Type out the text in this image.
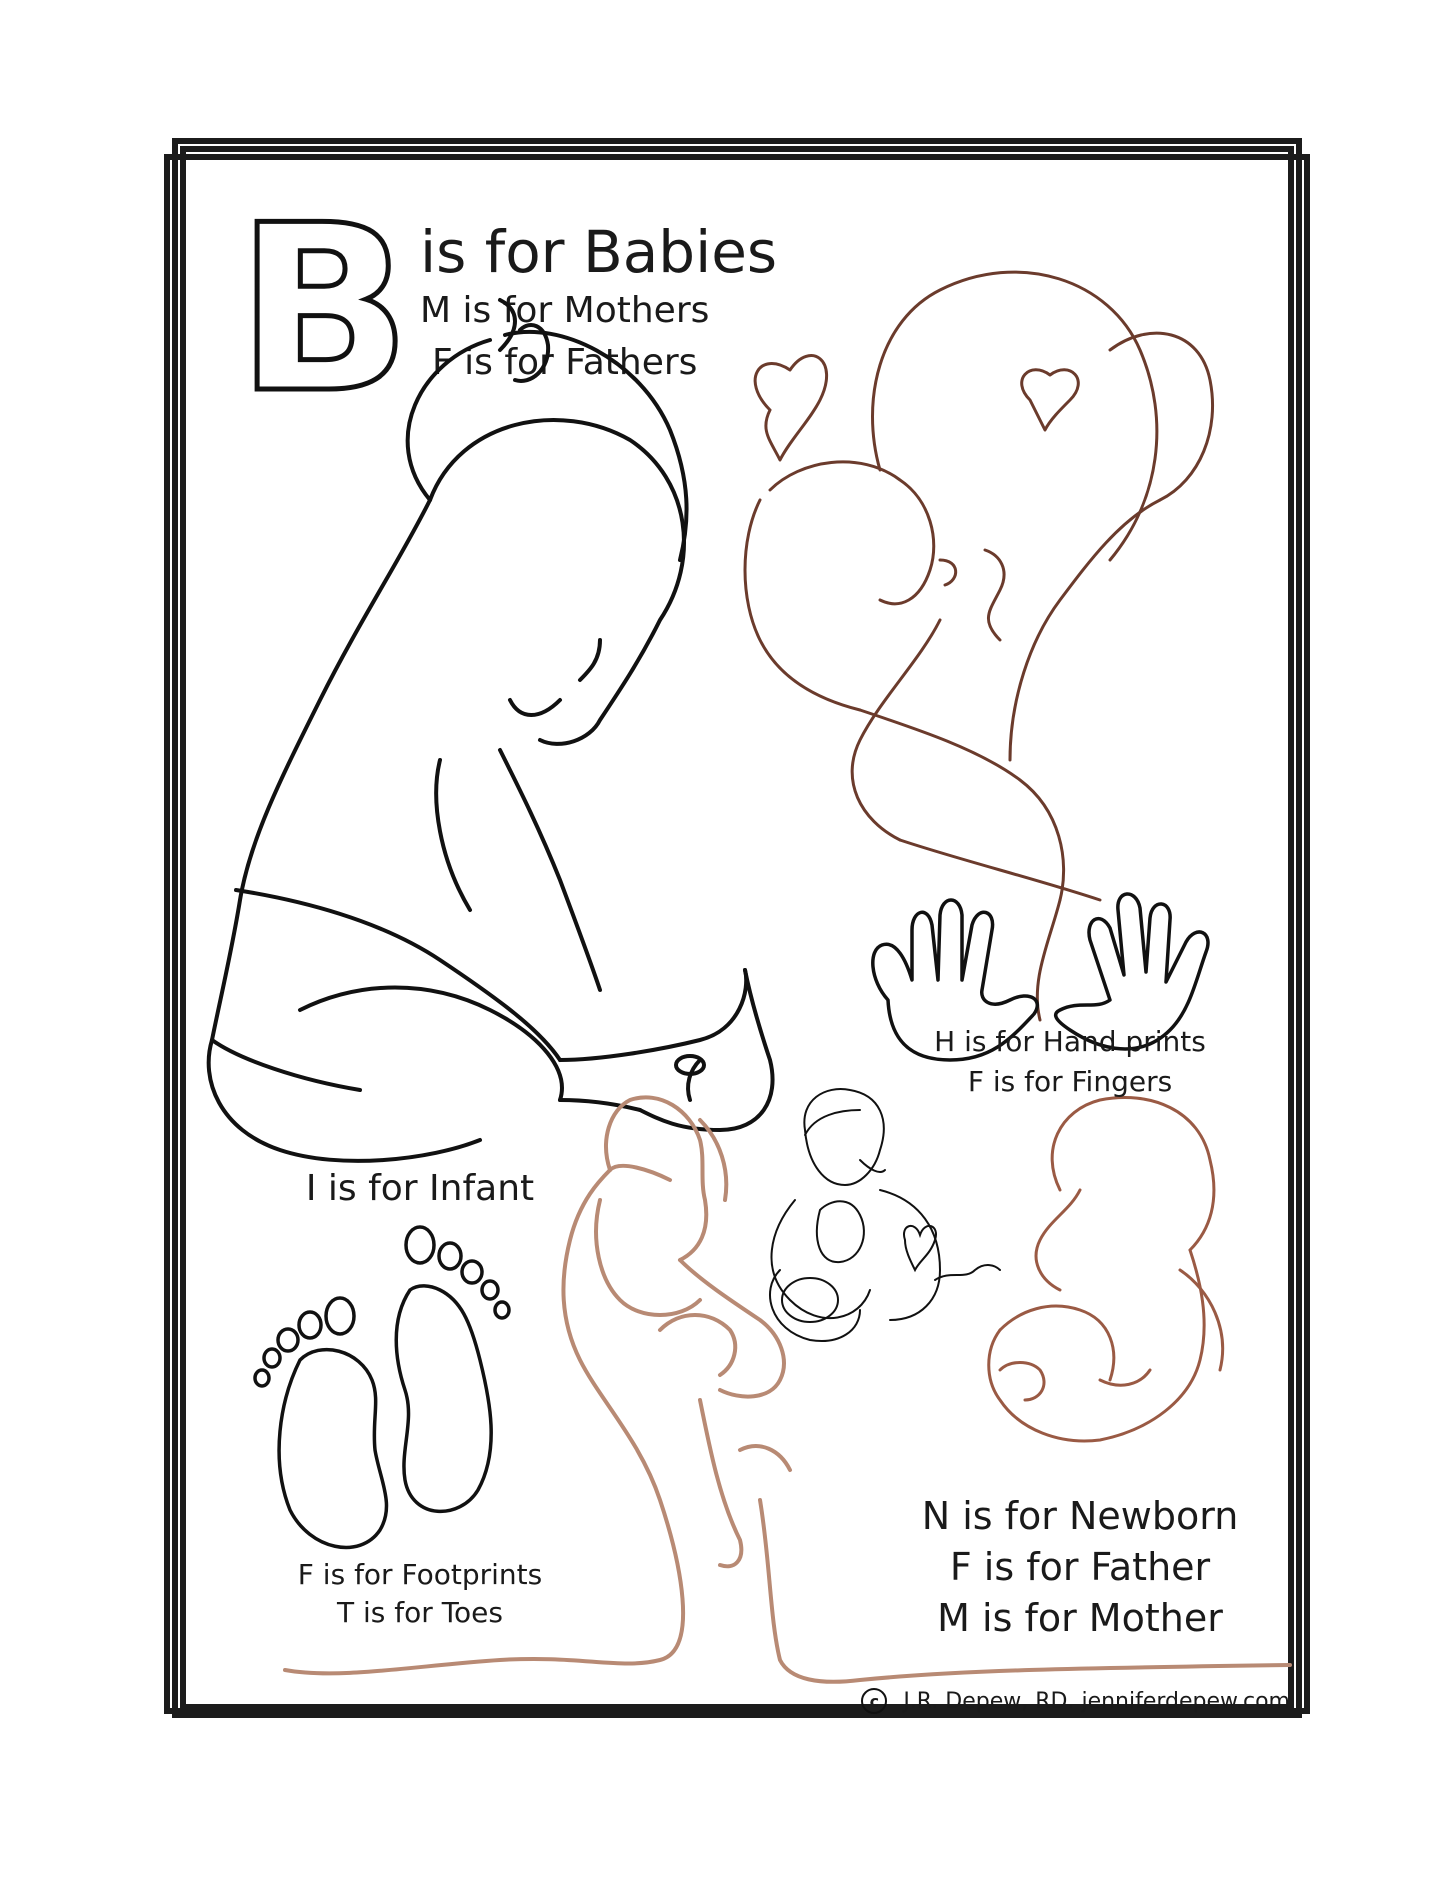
B is for Babies
M is for Mothers
F is for Fathers
I is for Infant
H is for Hand prints
F is for Fingers
F is for Footprints
T is for Toes
N is for Newborn
F is for Father
M is for Mother
c	J.R. Depew, RD. jenniferdepew.com
